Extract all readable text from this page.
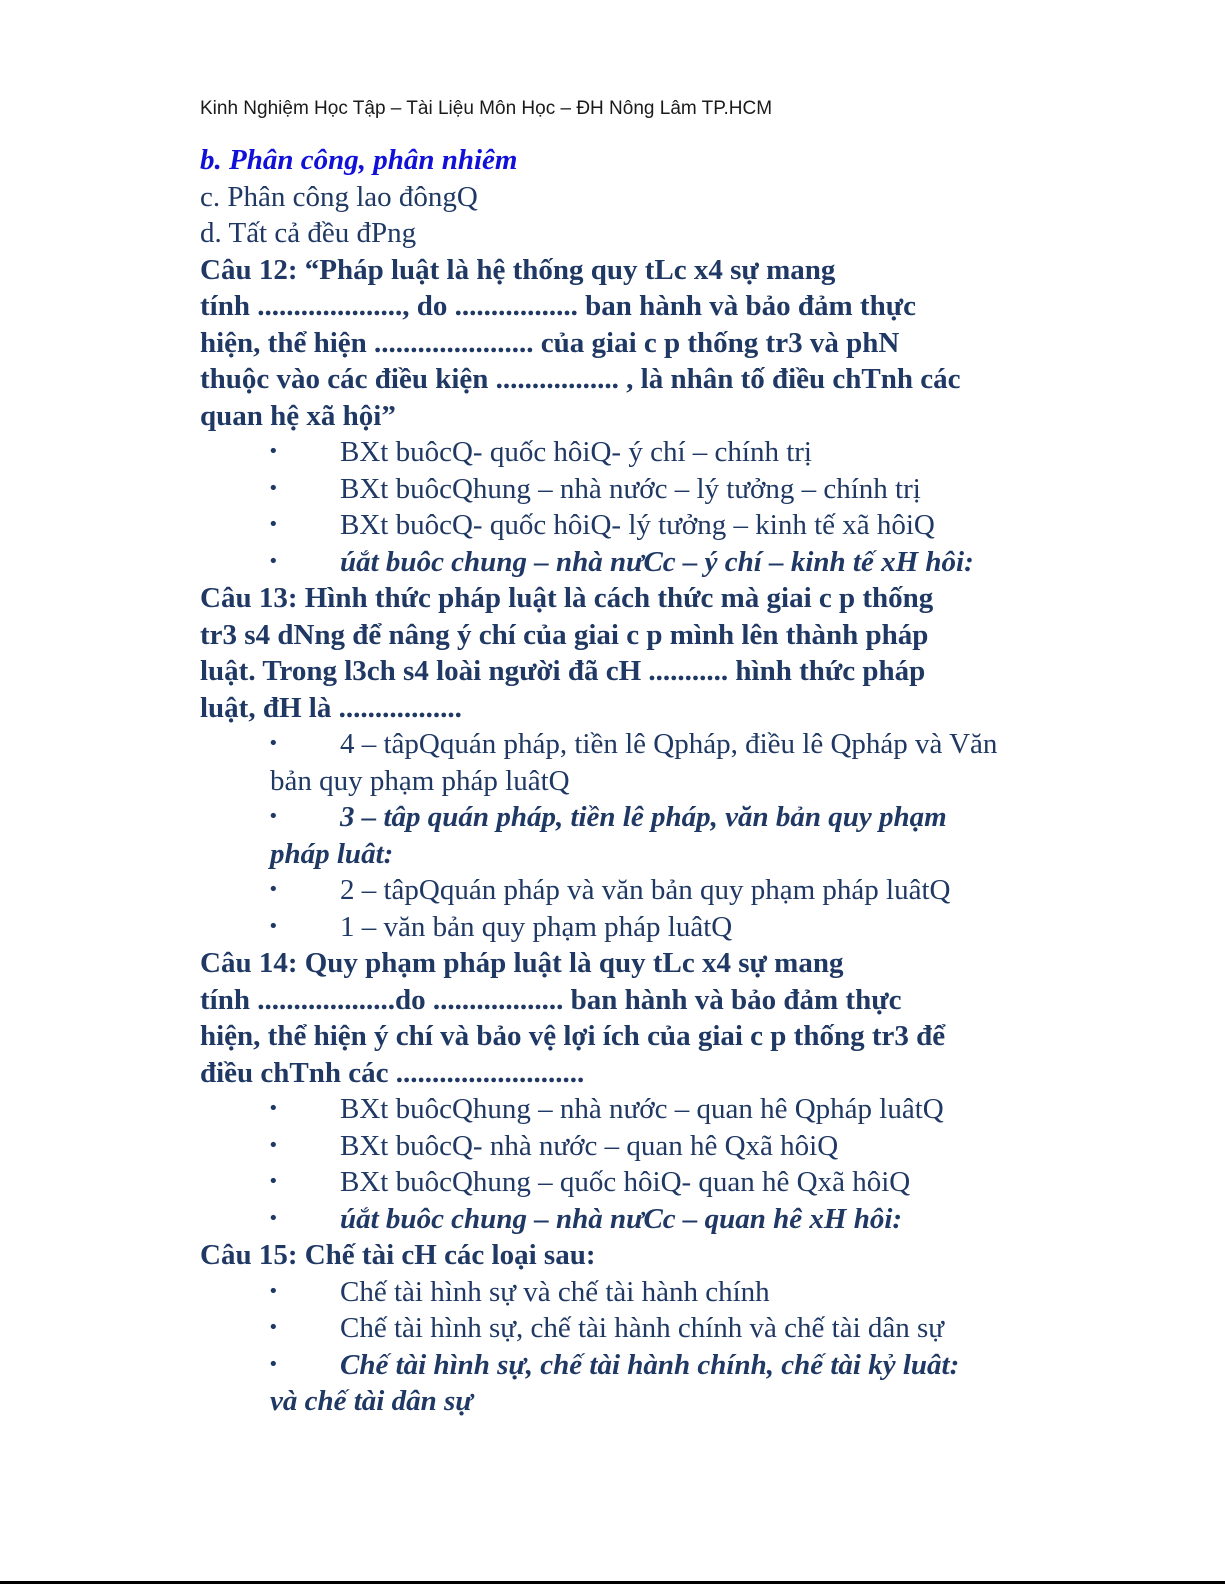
Kinh Nghiệm Học Tập – Tài Liệu Môn Học – ĐH Nông Lâm TP.HCM
b. Phân công, phân nhiêm
c. Phân công lao đôngQ
d. Tất cả đều đPng
Câu 12: “Pháp luật là hệ thống quy tLc x4 sự mang
tính ...................., do ................. ban hành và bảo đảm thực
hiện, thể hiện ...................... của giai c p thống tr3 và phN
thuộc vào các điều kiện ................. , là nhân tố điều chTnh các
quan hệ xã hội”
•	BXt buôcQ- quốc hôiQ- ý chí – chính trị
•	BXt buôcQhung – nhà nước – lý tưởng – chính trị
•	BXt buôcQ- quốc hôiQ- lý tưởng – kinh tế xã hôiQ
•	úắt buôc chung – nhà nưCc – ý chí – kinh tế xH hôi:
Câu 13: Hình thức pháp luật là cách thức mà giai c p thống
tr3 s4 dNng để nâng ý chí của giai c p mình lên thành pháp
luật. Trong l3ch s4 loài người đã cH ........... hình thức pháp
luật, đH là .................
•	4 – tâpQquán pháp, tiền lê Qpháp, điều lê Qpháp và Văn
bản quy phạm pháp luâtQ
•	3 – tâp quán pháp, tiền lê pháp, văn bản quy phạm
pháp luât:
•	2 – tâpQquán pháp và văn bản quy phạm pháp luâtQ
•	1 – văn bản quy phạm pháp luâtQ
Câu 14: Quy phạm pháp luật là quy tLc x4 sự mang
tính ...................do .................. ban hành và bảo đảm thực
hiện, thể hiện ý chí và bảo vệ lợi ích của giai c p thống tr3 để
điều chTnh các ..........................
•	BXt buôcQhung – nhà nước – quan hê Qpháp luâtQ
•	BXt buôcQ- nhà nước – quan hê Qxã hôiQ
•	BXt buôcQhung – quốc hôiQ- quan hê Qxã hôiQ
•	úắt buôc chung – nhà nưCc – quan hê xH hôi:
Câu 15: Chế tài cH các loại sau:
•	Chế tài hình sự và chế tài hành chính
•	Chế tài hình sự, chế tài hành chính và chế tài dân sự
•	Chế tài hình sự, chế tài hành chính, chế tài kỷ luât:
và chế tài dân sự
